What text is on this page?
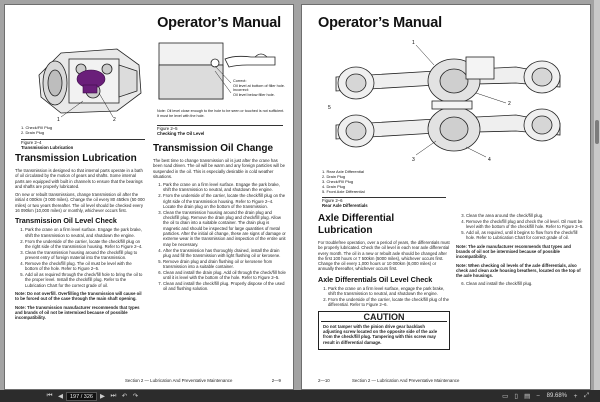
Operator’s Manual
1	2
1. Check/Fill Plug
2. Drain Plug
Figure 2–4
Transmission Lubrication
Correct:
Oil level at bottom of filler hole.
Incorrect:
Oil level below filler hole.
Note: Oil level close enough to the hole to be seen or touched is not sufficient. It must be level with the hole.
Figure 2–5
Checking The Oil Level
Transmission Lubrication

The transmission is designed so that internal parts operate in a bath of oil circulated by the motion of gears and shafts. Some internal parts are equipped with built in channels to ensure that the bearings and shafts are properly lubricated.

On new or rebuilt transmissions, change transmission oil after the initial 4 000km (3 000 miles). Change the oil every 80 450km (50 000 miles) or two years thereafter. The oil level should be checked every 16 090km (10,000 miles) or monthly, whichever occurs first.

Transmission Oil Level Check
1. Park the crane on a firm level surface. Engage the park brake, shift the transmission to neutral, and shutdown the engine.
2. From the underside of the carrier, locate the check/fill plug on the right side of the transmission housing. Refer to Figure 2–4.
3. Clean the transmission housing around the check/fill plug to prevent entry of foreign material into the transmission.
4. Remove the check/fill plug. The oil must be level with the bottom of the hole. Refer to Figure 2–5.
5. Add oil as required through the check/fill hole to bring the oil to the proper level. Install the check/fill plug. Refer to the Lubrication Chart for the correct grade of oil.

Note: Do not overfill. Overfilling the transmission will cause oil to be forced out of the case through the main shaft opening.

Note: The transmission manufacturer recommends that types and brands of oil not be intermixed because of possible incompatibility.

Transmission Oil Change

The best time to change transmission oil is just after the crane has been road driven. The oil will be warm and any foreign particles will be suspended in the oil. This is especially desirable in cold weather situations.

1. Park the crane on a firm level surface. Engage the park brake, shift the transmission to neutral, and shutdown the engine.
2. From the underside of the carrier, locate the check/fill plug on the right side of the transmission housing. Refer to Figure 2–4. Locate the drain plug on the bottom of the transmission.
3. Clean the transmission housing around the drain plug and check/fill plug. Remove the drain plug and check/fill plug. Allow the oil to drain into a suitable container. The drain plug is magnetic and should be inspected for large quantities of metal particles. After the initial oil change, these are signs of damage or extreme wear in the transmission and inspection of the entire unit may be necessary.
4. After the transmission has thoroughly drained, install the drain plug and fill the transmission with light flushing oil or kerosene.
5. Remove drain plug and drain flushing oil or kerosene from transmission into a suitable container.
6. Clean and install the drain plug. Add oil through the check/fill hole until it is level with the bottom of the hole. Refer to Figure 2–5.
7. Clean and install the check/fill plug. Properly dispose of the used oil and flushing solution.
Section 2 — Lubrication And Preventative Maintenance	2—9
Operator’s Manual
1
2
3	4
5
1. Rear Axle Differential
2. Drain Plug
3. Check/Fill Plug
4. Drain Plug
5. Front Axle Differential
Figure 2–6
Rear Axle Differentials
Axle Differential Lubrication

For troublefree operation, over a period of years, the differentials must be properly lubricated. Check the oil level in each rear axle differential every month. The oil in a new or rebuilt axle should be changed after the first 100 hours or 7 500km (5000 miles), whichever occurs first. Change the oil every 1,000 hours or 10 000km (6,000 miles) or annually thereafter, whichever occurs first.

Axle Differentials Oil Level Check
1. Park the crane on a firm level surface, engage the park brake, shift the transmission to neutral, and shutdown the engine.
2. From the underside of the carrier, locate the check/fill plug of the differential. Refer to Figure 2–6.
CAUTION
Do not tamper with the pinion drive gear backlash adjusting screw located on the opposite side of the axle from the check/fill plug. Tampering with this screw may result in differential damage.
3. Clean the area around the check/fill plug.
4. Remove the check/fill plug and check the oil level. Oil must be level with the bottom of the check/fill hole. Refer to Figure 2–5.
5. Add oil, as required, until it begins to flow from the check/fill hole. Refer to Lubrication Chart for correct grade of oil.

Note: The axle manufacturer recommends that types and brands of oil not be intermixed because of possible incompatibility.

Note: When checking oil levels of the axle differentials, also check and clean axle housing breathers, located on the top of the axle housings.

6. Clean and install the check/fill plug.
2—10	Section 2 — Lubrication And Preventative Maintenance
⏮ ◀	197 / 326	▶ ⏭ ↶ ↷	▭ ▯ ▤ −	89.68%	+	⤢
